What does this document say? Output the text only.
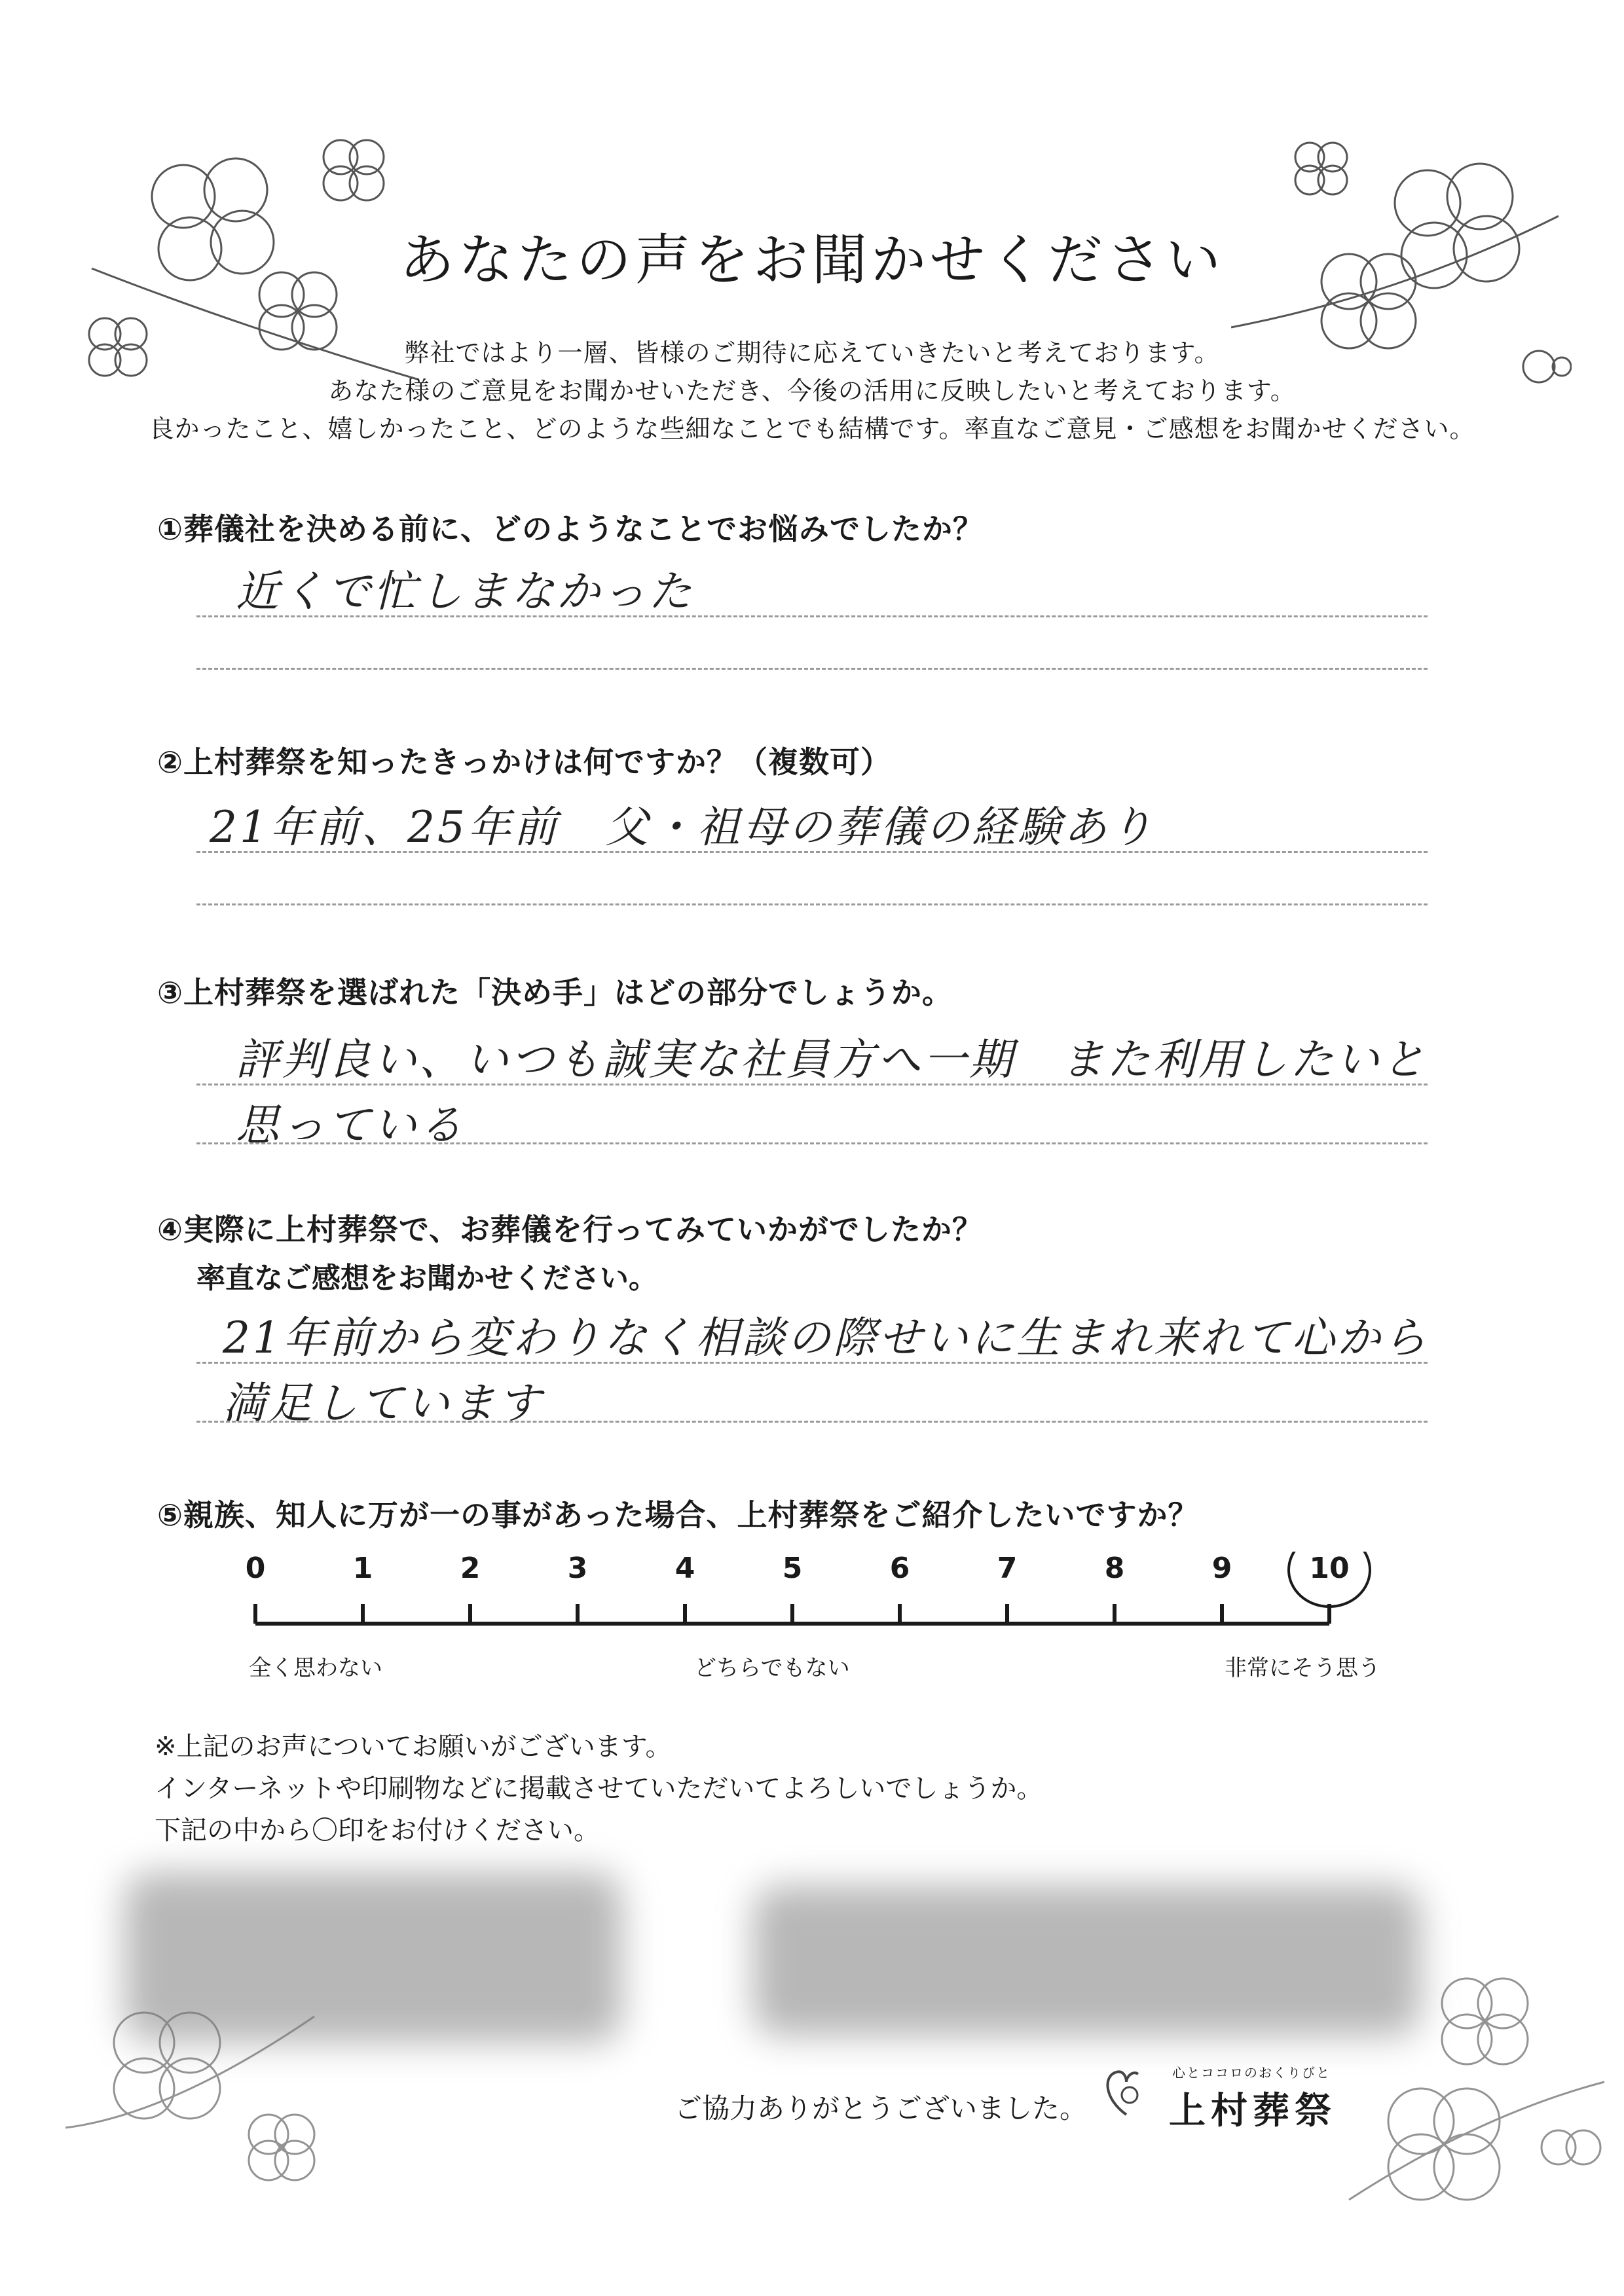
あなたの声をお聞かせください
弊社ではより一層、皆様のご期待に応えていきたいと考えております。
あなた様のご意見をお聞かせいただき、今後の活用に反映したいと考えております。
良かったこと、嬉しかったこと、どのような些細なことでも結構です。率直なご意見・ご感想をお聞かせください。
①葬儀社を決める前に、どのようなことでお悩みでしたか？
近くで忙しまなかった
②上村葬祭を知ったきっかけは何ですか？（複数可）
21年前、25年前　父・祖母の葬儀の経験あり
③上村葬祭を選ばれた「決め手」はどの部分でしょうか。
評判良い、いつも誠実な社員方へ一期　また利用したいと
思っている
④実際に上村葬祭で、お葬儀を行ってみていかがでしたか？
率直なご感想をお聞かせください。
21年前から変わりなく相談の際せいに生まれ来れて心から
満足しています
⑤親族、知人に万が一の事があった場合、上村葬祭をご紹介したいですか？
0	1	2	3	4	5	6	7	8	9	10
全く思わない	どちらでもない	非常にそう思う
※上記のお声についてお願いがございます。
インターネットや印刷物などに掲載させていただいてよろしいでしょうか。
下記の中から〇印をお付けください。
ご協力ありがとうございました。
心とココロのおくりびと
上村葬祭
